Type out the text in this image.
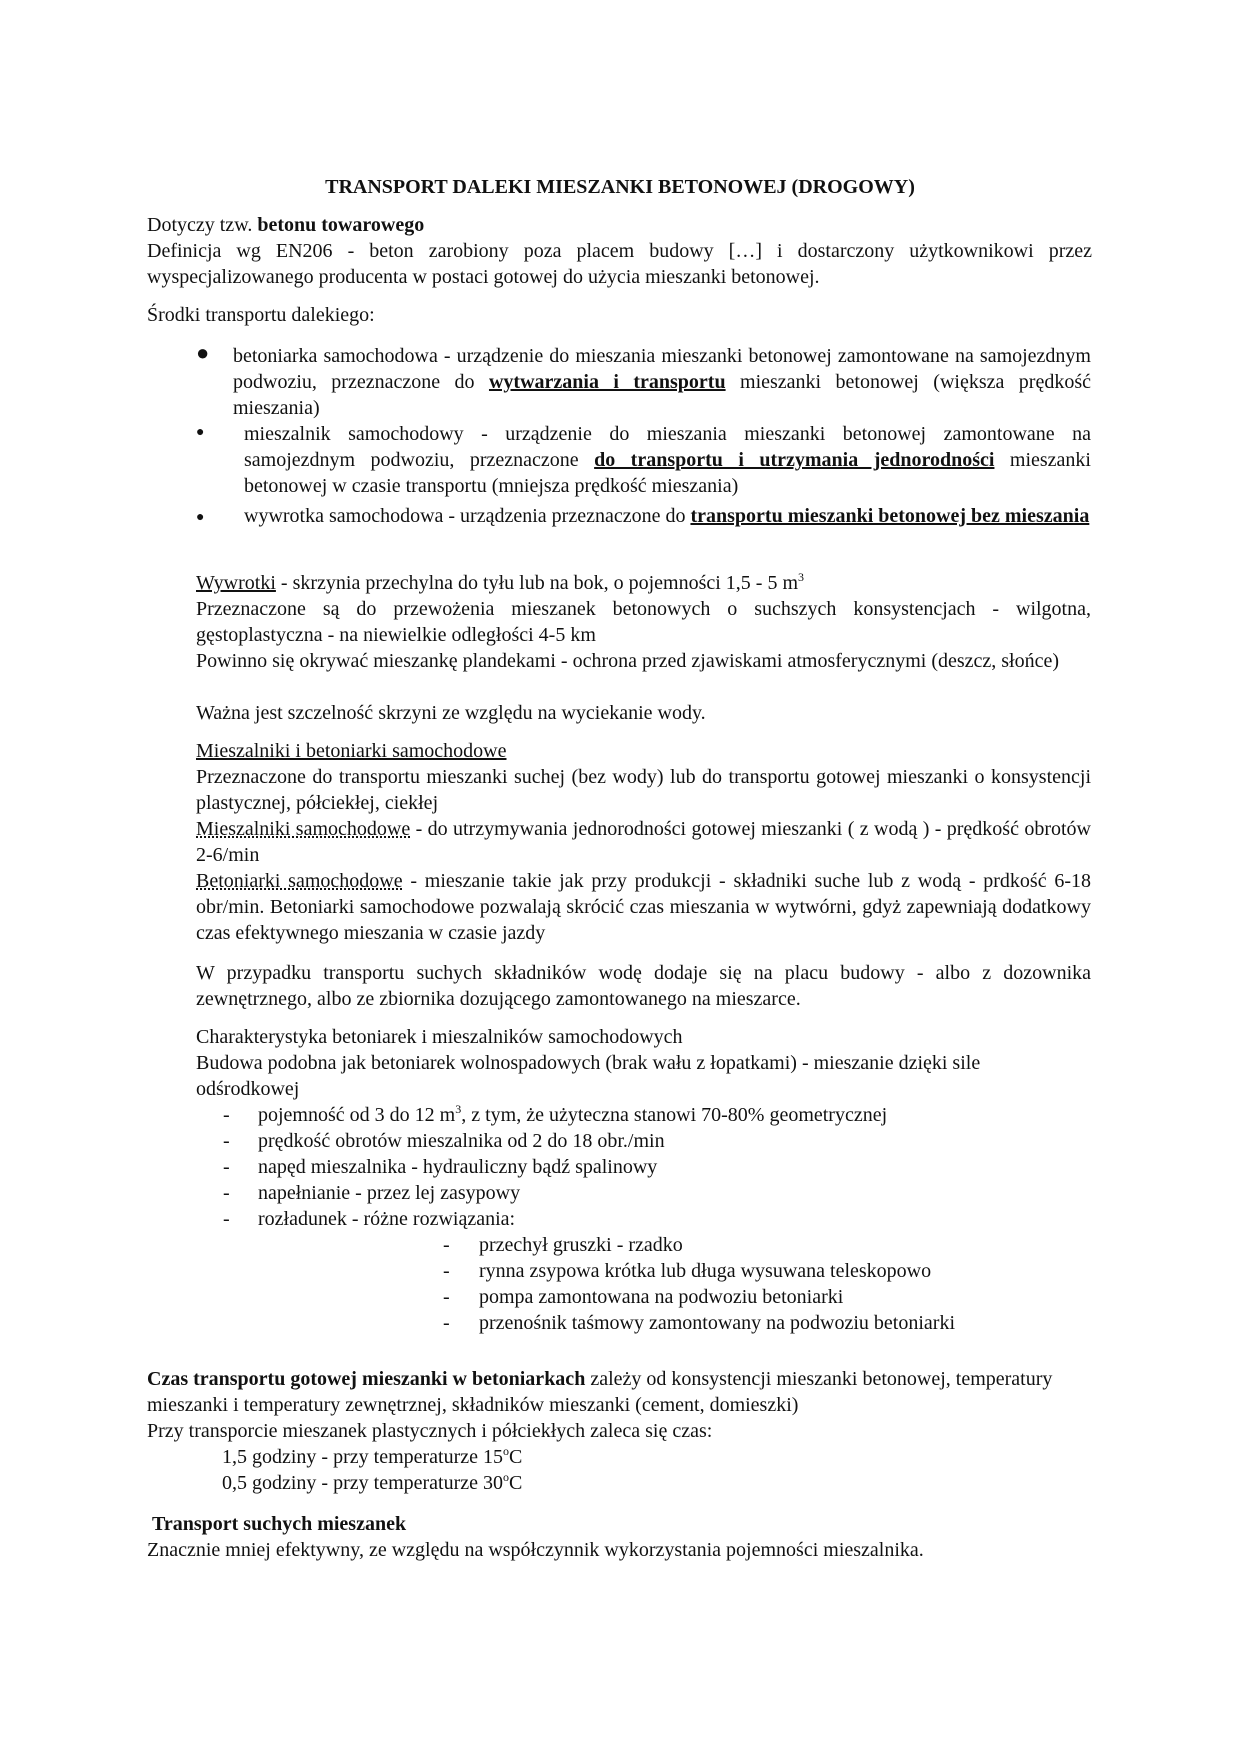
TRANSPORT DALEKI MIESZANKI BETONOWEJ (DROGOWY)
Dotyczy tzw. betonu towarowego
Definicja wg EN206 - beton zarobiony poza placem budowy […] i dostarczony użytkownikowi przez wyspecjalizowanego producenta w postaci gotowej do użycia mieszanki betonowej.
Środki transportu dalekiego:
● betoniarka samochodowa - urządzenie do mieszania mieszanki betonowej zamontowane na samojezdnym podwoziu, przeznaczone do wytwarzania i transportu mieszanki betonowej (większa prędkość mieszania)
● mieszalnik samochodowy - urządzenie do mieszania mieszanki betonowej zamontowane na samojezdnym podwoziu, przeznaczone do transportu i utrzymania jednorodności mieszanki betonowej w czasie transportu (mniejsza prędkość mieszania)
● wywrotka samochodowa - urządzenia przeznaczone do transportu mieszanki betonowej bez mieszania
Wywrotki - skrzynia przechylna do tyłu lub na bok, o pojemności 1,5 - 5 $m^3$
Przeznaczone są do przewożenia mieszanek betonowych o suchszych konsystencjach - wilgotna, gęstoplastyczna - na niewielkie odległości 4-5 km
Powinno się okrywać mieszankę plandekami - ochrona przed zjawiskami atmosferycznymi (deszcz, słońce)
Ważna jest szczelność skrzyni ze względu na wyciekanie wody.
Mieszalniki i betoniarki samochodowe
Przeznaczone do transportu mieszanki suchej (bez wody) lub do transportu gotowej mieszanki o konsystencji plastycznej, półciekłej, ciekłej
Mieszalniki samochodowe - do utrzymywania jednorodności gotowej mieszanki ( z wodą ) - prędkość obrotów 2-6/min
Betoniarki samochodowe - mieszanie takie jak przy produkcji - składniki suche lub z wodą - prdkość 6-18 obr/min. Betoniarki samochodowe pozwalają skrócić czas mieszania w wytwórni, gdyż zapewniają dodatkowy czas efektywnego mieszania w czasie jazdy
W przypadku transportu suchych składników wodę dodaje się na placu budowy - albo z dozownika zewnętrznego, albo ze zbiornika dozującego zamontowanego na mieszarce.
Charakterystyka betoniarek i mieszalników samochodowych
Budowa podobna jak betoniarek wolnospadowych (brak wału z łopatkami) - mieszanie dzięki sile odśrodkowej
- pojemność od 3 do 12 $m^3$, z tym, że użyteczna stanowi 70-80% geometrycznej
- prędkość obrotów mieszalnika od 2 do 18 obr./min
- napęd mieszalnika - hydrauliczny bądź spalinowy
- napełnianie - przez lej zasypowy
- rozładunek - różne rozwiązania:
- przechył gruszki - rzadko
- rynna zsypowa krótka lub długa wysuwana teleskopowo
- pompa zamontowana na podwoziu betoniarki
- przenośnik taśmowy zamontowany na podwoziu betoniarki
Czas transportu gotowej mieszanki w betoniarkach zależy od konsystencji mieszanki betonowej, temperatury mieszanki i temperatury zewnętrznej, składników mieszanki (cement, domieszki)
Przy transporcie mieszanek plastycznych i półciekłych zaleca się czas:
1,5 godziny - przy temperaturze 15$^o$C
0,5 godziny - przy temperaturze 30$^o$C
Transport suchych mieszanek
Znacznie mniej efektywny, ze względu na współczynnik wykorzystania pojemności mieszalnika.
